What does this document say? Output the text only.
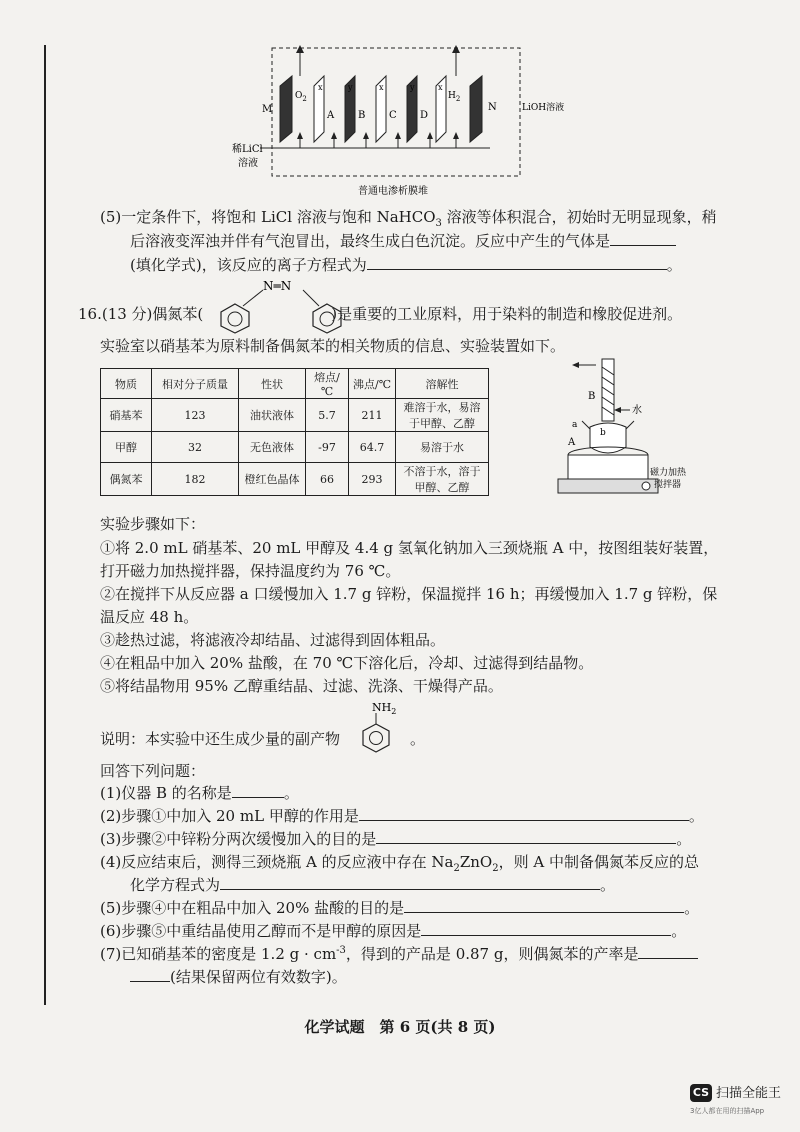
M	N
$O_2$	$H_2$
x	y	x	y	x
A B C D
LiOH溶液
稀LiCl
溶液
普通电渗析膜堆
(5)一定条件下，将饱和 LiCl 溶液与饱和 NaHCO$_3$ 溶液等体积混合，初始时无明显现象，稍
后溶液变浑浊并伴有气泡冒出，最终生成白色沉淀。反应中产生的气体是
(填化学式)，该反应的离子方程式为	。
16.(13 分)偶氮苯(	)是重要的工业原料，用于染料的制造和橡胶促进剂。
N═N
实验室以硝基苯为原料制备偶氮苯的相关物质的信息、实验装置如下。
物质	相对分子质量	性状	熔点/℃	沸点/℃	溶解性
硝基苯	123	油状液体	5.7	211	难溶于水，易溶
于甲醇、乙醇

甲醇	32	无色液体	-97	64.7	易溶于水
偶氮苯	182	橙红色晶体	66	293	不溶于水，溶于
甲醇、乙醇
B
水
a
b
A
磁力加热
搅拌器
实验步骤如下：
①将 2.0 mL 硝基苯、20 mL 甲醇及 4.4 g 氢氧化钠加入三颈烧瓶 A 中，按图组装好装置，
打开磁力加热搅拌器，保持温度约为 76 ℃。
②在搅拌下从反应器 a 口缓慢加入 1.7 g 锌粉，保温搅拌 16 h；再缓慢加入 1.7 g 锌粉，保
温反应 48 h。
③趁热过滤，将滤液冷却结晶、过滤得到固体粗品。
④在粗品中加入 20% 盐酸，在 70 ℃下溶化后，冷却、过滤得到结晶物。
⑤将结晶物用 95% 乙醇重结晶、过滤、洗涤、干燥得产品。
说明：本实验中还生成少量的副产物	。
$NH_2$
回答下列问题：
(1)仪器 B 的名称是	。
(2)步骤①中加入 20 mL 甲醇的作用是	。
(3)步骤②中锌粉分两次缓慢加入的目的是	。
(4)反应结束后，测得三颈烧瓶 A 的反应液中存在 $Na_2ZnO_2$，则 A 中制备偶氮苯反应的总
化学方程式为	。
(5)步骤④中在粗品中加入 20% 盐酸的目的是	。
(6)步骤⑤中重结晶使用乙醇而不是甲醇的原因是	。
(7)已知硝基苯的密度是 1.2 $g \cdot cm^{-3}$，得到的产品是 0.87 g，则偶氮苯的产率是
(结果保留两位有效数字)。
化学试题　第 6 页(共 8 页)
CS 扫描全能王
3亿人都在用的扫描App
